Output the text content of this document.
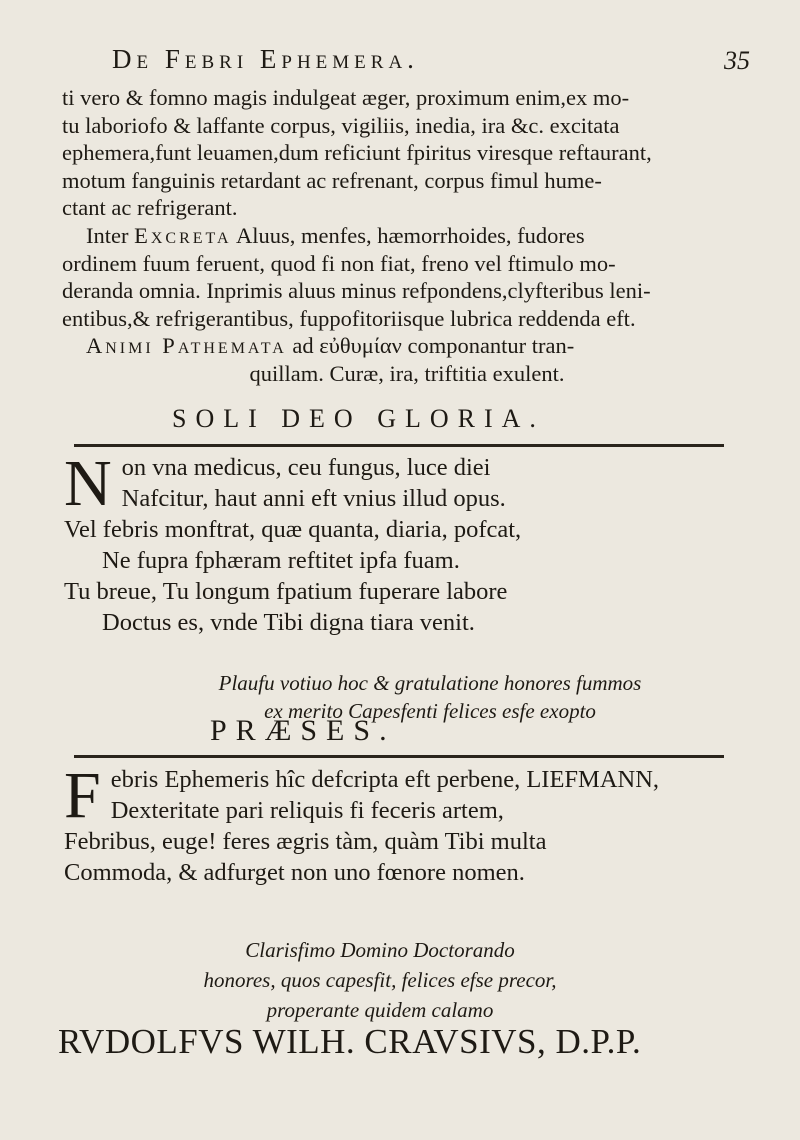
De Febri Ephemera.	35

ti vero & fomno magis indulgeat æger, proximum enim,ex mo-

tu laboriofo & laffante corpus, vigiliis, inedia, ira &c. excitata

ephemera,funt leuamen,dum reficiunt fpiritus viresque reftaurant,

motum fanguinis retardant ac refrenant, corpus fimul hume-

ctant ac refrigerant.

Inter Excreta Aluus, menfes, hæmorrhoides, fudores

ordinem fuum feruent, quod fi non fiat, freno vel ftimulo mo-

deranda omnia. Inprimis aluus minus refpondens,clyfteribus leni-

entibus,& refrigerantibus, fuppofitoriisque lubrica reddenda eft.

Animi Pathemata ad εὐθυμίαν componantur tran-

quillam. Curæ, ira, triftitia exulent.

SOLI DEO GLORIA.
N on vna medicus, ceu fungus, luce diei

Nafcitur, haut anni eft vnius illud opus.

Vel febris monftrat, quæ quanta, diaria, pofcat,

Ne fupra fphæram reftitet ipfa fuam.

Tu breue, Tu longum fpatium fuperare labore

Doctus es, vnde Tibi digna tiara venit.

Plaufu votiuo hoc & gratulatione honores fummos

ex merito Capesfenti felices esfe exopto

PRÆSES.
F ebris Ephemeris hîc defcripta eft perbene, LIEFMANN,

Dexteritate pari reliquis fi feceris artem,

Febribus, euge! feres ægris tàm, quàm Tibi multa

Commoda, & adfurget non uno fœnore nomen.

Clarisfimo Domino Doctorando

honores, quos capesfit, felices efse precor,

properante quidem calamo

RVDOLFVS WILH. CRAVSIVS, D.P.P.
